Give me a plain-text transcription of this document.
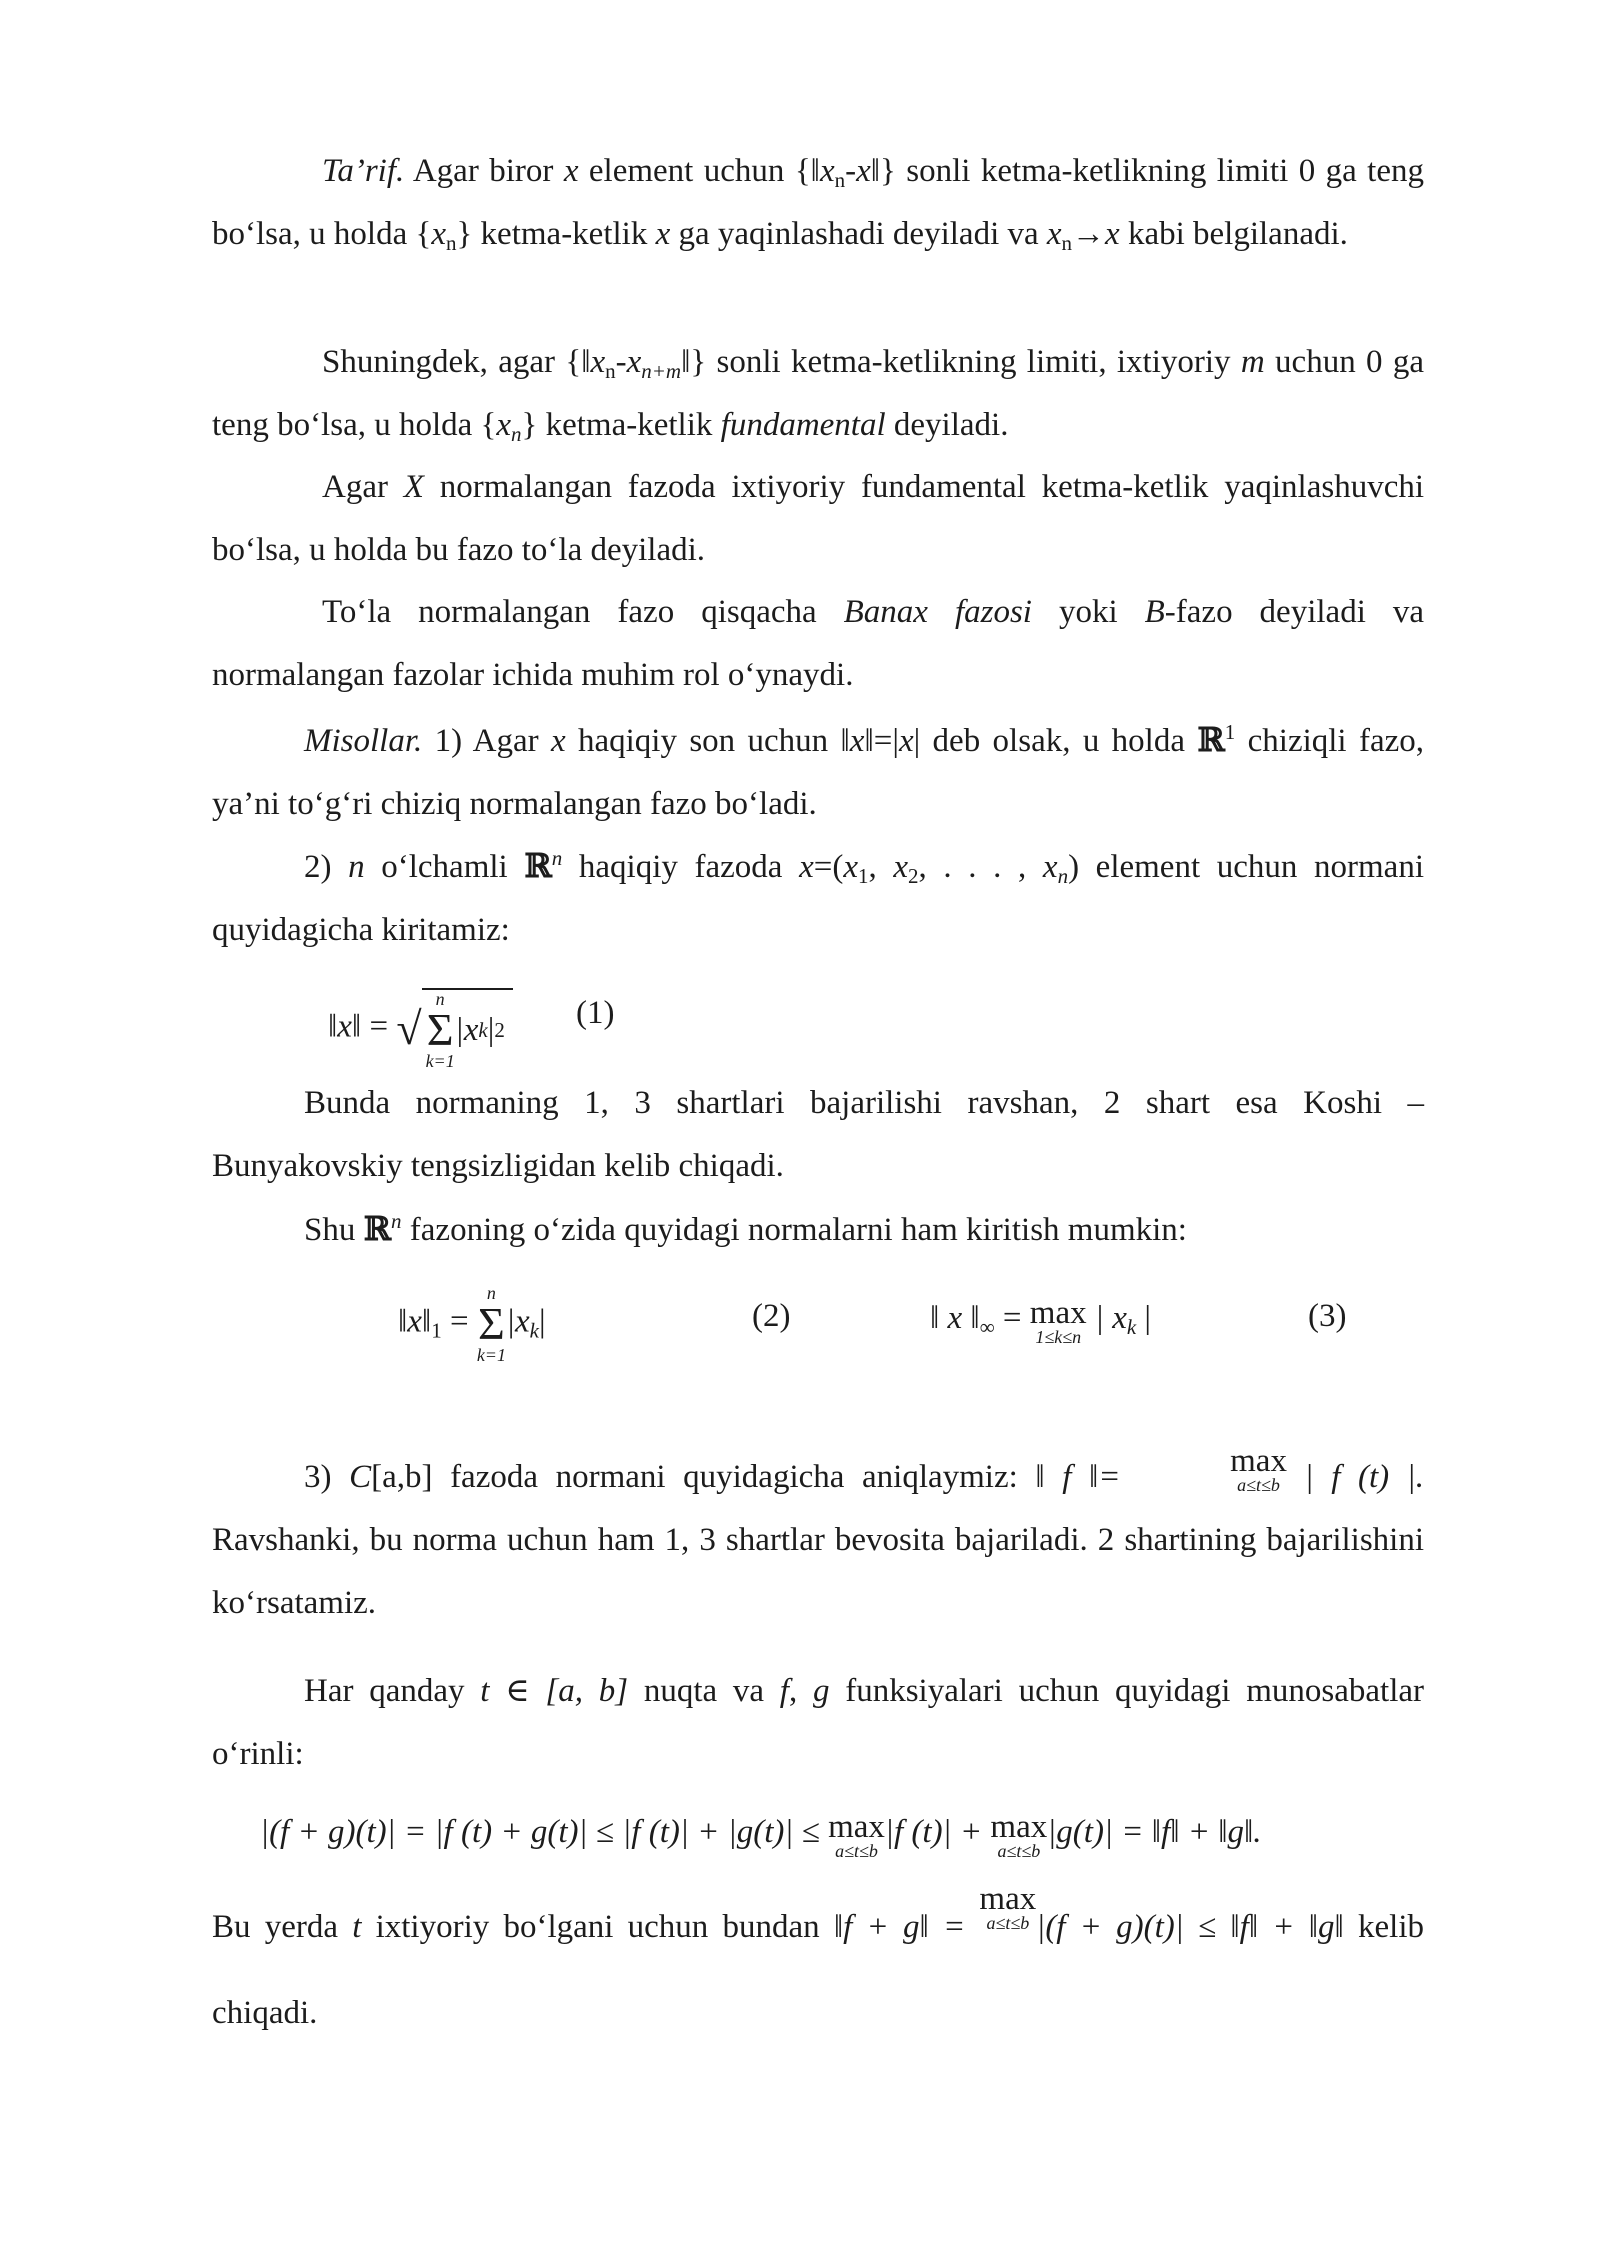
Ta’rif. Agar biror x element uchun $\{‖x_n-x‖\}$ sonli ketma-ketlikning limiti 0 ga teng bo‘lsa, u holda $\{x_n\}$ ketma-ketlik x ga yaqinlashadi deyiladi va $x_n\to x$ kabi belgilanadi.
Shuningdek, agar $\{‖x_n-x_{n+m}‖\}$ sonli ketma-ketlikning limiti, ixtiyoriy m uchun 0 ga teng bo‘lsa, u holda $\{x_n\}$ ketma-ketlik fundamental deyiladi.
Agar X normalangan fazoda ixtiyoriy fundamental ketma-ketlik yaqinlashuvchi bo‘lsa, u holda bu fazo to‘la deyiladi.
To‘la normalangan fazo qisqacha Banax fazosi yoki B-fazo deyiladi va normalangan fazolar ichida muhim rol o‘ynaydi.
Misollar. 1) Agar x haqiqiy son uchun ‖x‖=|x| deb olsak, u holda ℝ$^1$ chiziqli fazo, ya’ni to‘g‘ri chiziq normalangan fazo bo‘ladi.
2) n o‘lchamli ℝ$^n$ haqiqiy fazoda $x=(x_1$, $x_2$, . . . , $x_n$) element uchun normani quyidagicha kiritamiz:
‖x‖ = √
n
Σ
k=1
|x k | 2 (1)
Bunda normaning 1, 3 shartlari bajarilishi ravshan, 2 shart esa Koshi – Bunyakovskiy tengsizligidan kelib chiqadi.
Shu ℝ$^n$ fazoning o‘zida quyidagi normalarni ham kiritish mumkin:
$‖x‖_1$ =
n
Σ
k=1
$|x_k|$	(2)	‖ x $‖_\infty = \max$
1≤k≤n
| $x_k$ |	(3)
3) C[a,b] fazoda normani quyidagicha aniqlaymiz: ‖ f ‖=	max
a≤t≤b | f (t) |. Ravshanki, bu norma uchun ham 1, 3 shartlar bevosita bajariladi. 2 shartining bajarilishini ko‘rsatamiz.
Har qanday t ∈ [a, b] nuqta va f, g funksiyalari uchun quyidagi munosabatlar o‘rinli:
|(f + g)(t)| = |f (t) + g(t)| ≤ |f (t)| + |g(t)| ≤ max
a≤t≤b
|f (t)| + max
a≤t≤b
|g(t)| = ‖f‖ + ‖g‖.
Bu yerda t ixtiyoriy bo‘lgani uchun bundan ‖f + g‖ = max
a≤t≤b |(f + g)(t)| ≤ ‖f‖ + ‖g‖ kelib chiqadi.
